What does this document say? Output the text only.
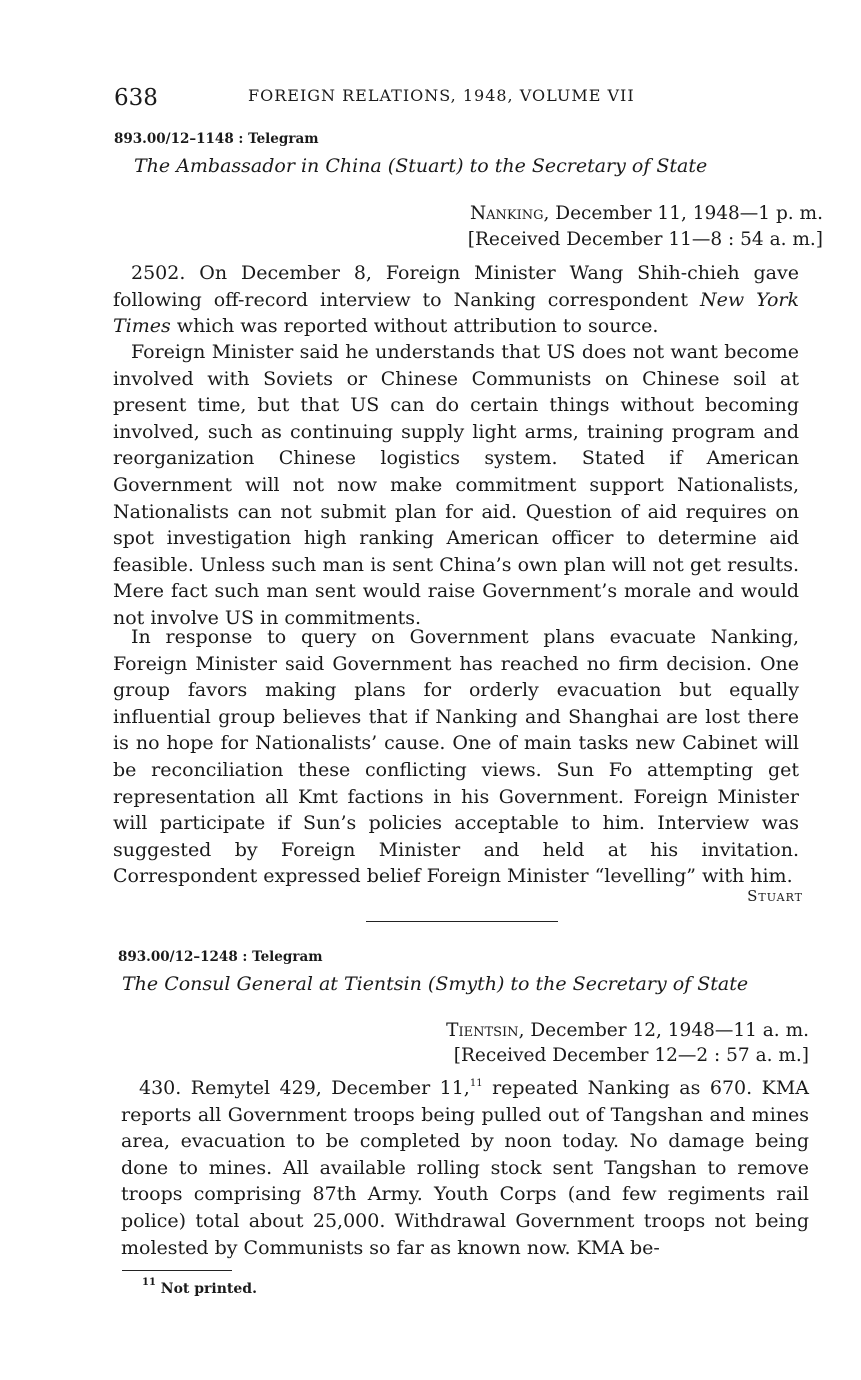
638	FOREIGN RELATIONS, 1948, VOLUME VII
893.00/12–1148 : Telegram
The Ambassador in China (Stuart) to the Secretary of State
Nanking, December 11, 1948—1 p. m.
[Received December 11—8 : 54 a. m.]
2502. On December 8, Foreign Minister Wang Shih-chieh gave following off-record interview to Nanking correspondent New York Times which was reported without attribution to source.
Foreign Minister said he understands that US does not want become involved with Soviets or Chinese Communists on Chinese soil at present time, but that US can do certain things without becoming involved, such as continuing supply light arms, training program and reorganization Chinese logistics system. Stated if American Government will not now make commitment support Nationalists, Nationalists can not submit plan for aid. Question of aid requires on spot investigation high ranking American officer to determine aid feasible. Unless such man is sent China’s own plan will not get results. Mere fact such man sent would raise Government’s morale and would not involve US in commitments.
In response to query on Government plans evacuate Nanking, Foreign Minister said Government has reached no firm decision. One group favors making plans for orderly evacuation but equally influential group believes that if Nanking and Shanghai are lost there is no hope for Nationalists’ cause. One of main tasks new Cabinet will be reconciliation these conflicting views. Sun Fo attempting get representation all Kmt factions in his Government. Foreign Minister will participate if Sun’s policies acceptable to him. Interview was suggested by Foreign Minister and held at his invitation. Correspondent expressed belief Foreign Minister “levelling” with him.
Stuart
893.00/12–1248 : Telegram
The Consul General at Tientsin (Smyth) to the Secretary of State
Tientsin, December 12, 1948—11 a. m.
[Received December 12—2 : 57 a. m.]
430. Remytel 429, December 11,11 repeated Nanking as 670. KMA reports all Government troops being pulled out of Tangshan and mines area, evacuation to be completed by noon today. No damage being done to mines. All available rolling stock sent Tangshan to remove troops comprising 87th Army. Youth Corps (and few regiments rail police) total about 25,000. Withdrawal Government troops not being molested by Communists so far as known now. KMA be-
$^{11}$ Not printed.
